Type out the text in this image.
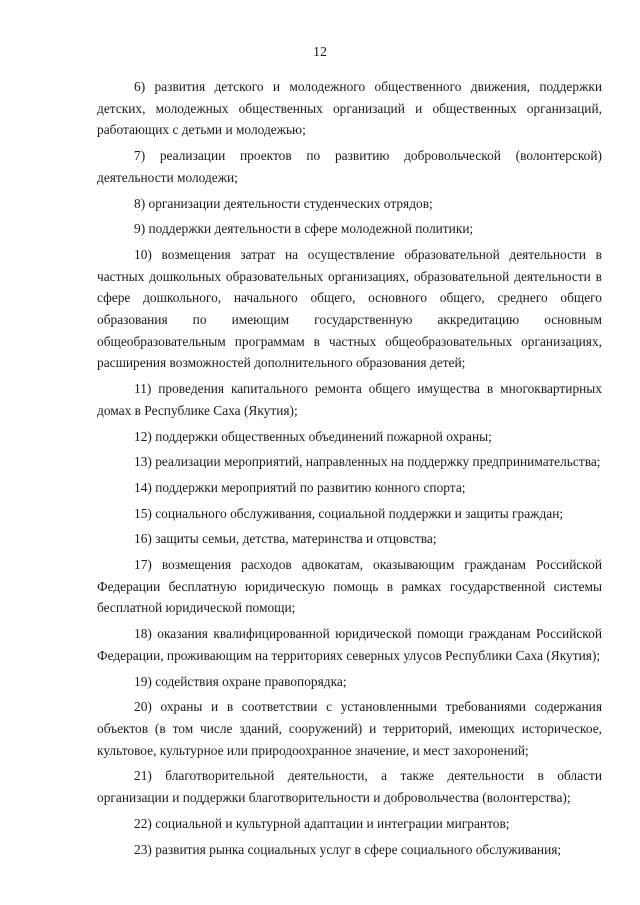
12

6) развития детского и молодежного общественного движения, поддержки детских, молодежных общественных организаций и общественных организаций, работающих с детьми и молодежью;

7) реализации проектов по развитию добровольческой (волонтерской) деятельности молодежи;

8) организации деятельности студенческих отрядов;

9) поддержки деятельности в сфере молодежной политики;

10) возмещения затрат на осуществление образовательной деятельности в частных дошкольных образовательных организациях, образовательной деятельности в сфере дошкольного, начального общего, основного общего, среднего общего образования по имеющим государственную аккредитацию основным общеобразовательным программам в частных общеобразовательных организациях, расширения возможностей дополнительного образования детей;

11) проведения капитального ремонта общего имущества в многоквартирных домах в Республике Саха (Якутия);

12) поддержки общественных объединений пожарной охраны;

13) реализации мероприятий, направленных на поддержку предпринимательства;

14) поддержки мероприятий по развитию конного спорта;

15) социального обслуживания, социальной поддержки и защиты граждан;

16) защиты семьи, детства, материнства и отцовства;

17) возмещения расходов адвокатам, оказывающим гражданам Российской Федерации бесплатную юридическую помощь в рамках государственной системы бесплатной юридической помощи;

18) оказания квалифицированной юридической помощи гражданам Российской Федерации, проживающим на территориях северных улусов Республики Саха (Якутия);

19) содействия охране правопорядка;

20) охраны и в соответствии с установленными требованиями содержания объектов (в том числе зданий, сооружений) и территорий, имеющих историческое, культовое, культурное или природоохранное значение, и мест захоронений;

21) благотворительной деятельности, а также деятельности в области организации и поддержки благотворительности и добровольчества (волонтерства);

22) социальной и культурной адаптации и интеграции мигрантов;

23) развития рынка социальных услуг в сфере социального обслуживания;
